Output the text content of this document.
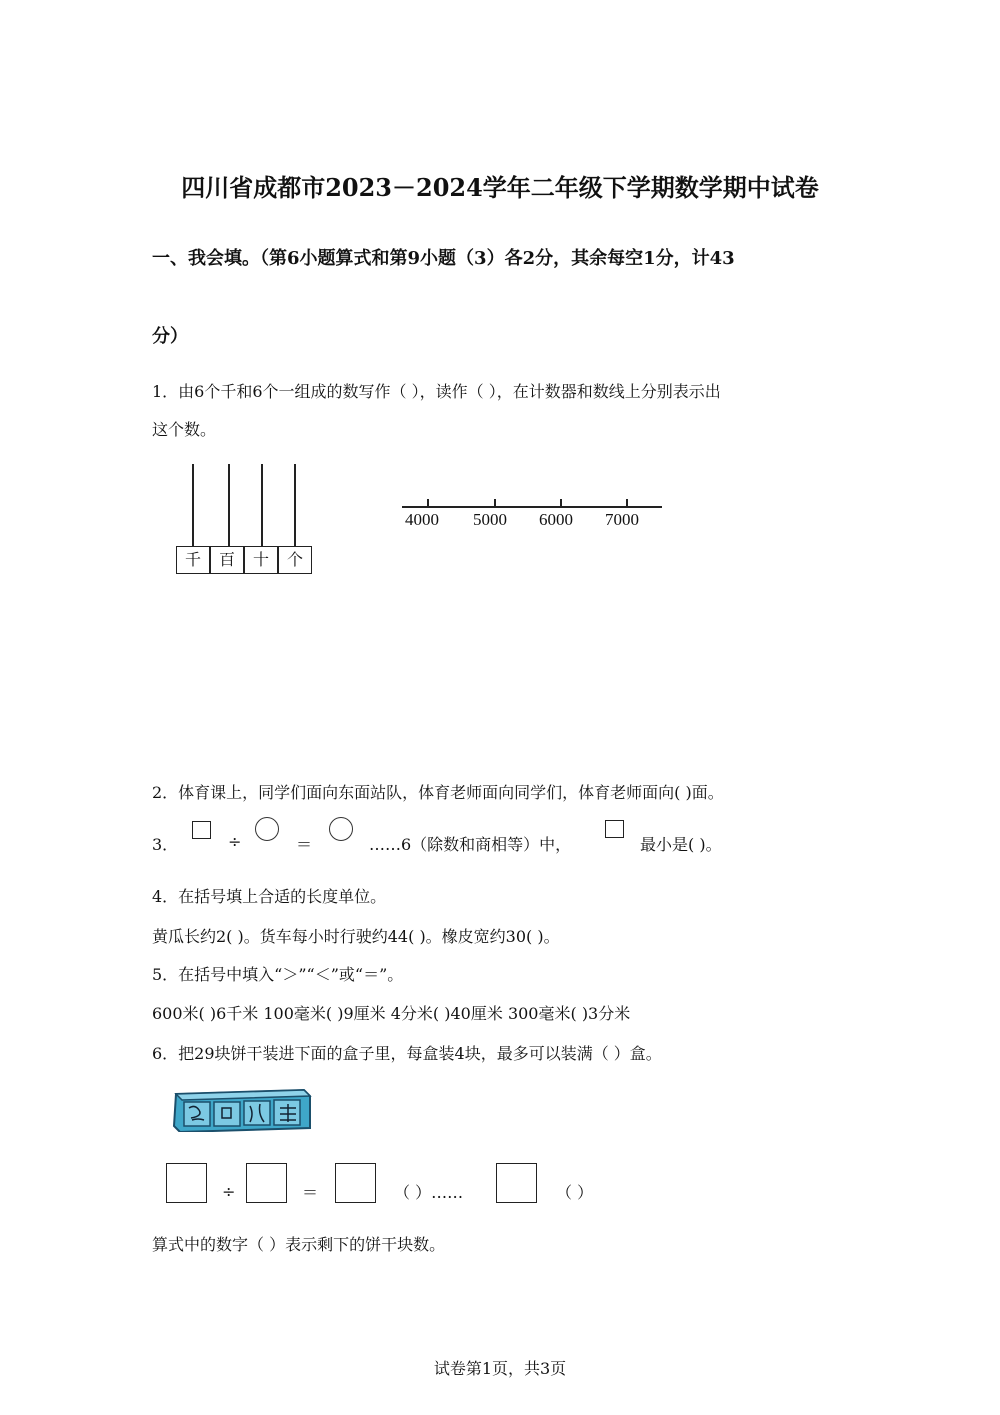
四川省成都市2023－2024学年二年级下学期数学期中试卷
一、我会填。（第6小题算式和第9小题（3）各2分，其余每空1分，计43
分）
1．由6个千和6个一组成的数写作（ ），读作（ ），在计数器和数线上分别表示出
这个数。
千	百	十	个
4000 5000 6000 7000
2．体育课上，同学们面向东面站队，体育老师面向同学们，体育老师面向( )面。
3．	÷	＝	……6（除数和商相等）中，	最小是( )。
4．在括号填上合适的长度单位。
黄瓜长约2( )。货车每小时行驶约44( )。橡皮宽约30( )。
5．在括号中填入“＞”“＜”或“＝”。
600米( )6千米 100毫米( )9厘米 4分米( )40厘米 300毫米( )3分米
6．把29块饼干装进下面的盒子里，每盒装4块，最多可以装满（ ）盒。
÷	＝	（ ）……	（ ）
算式中的数字（ ）表示剩下的饼干块数。
试卷第1页，共3页
